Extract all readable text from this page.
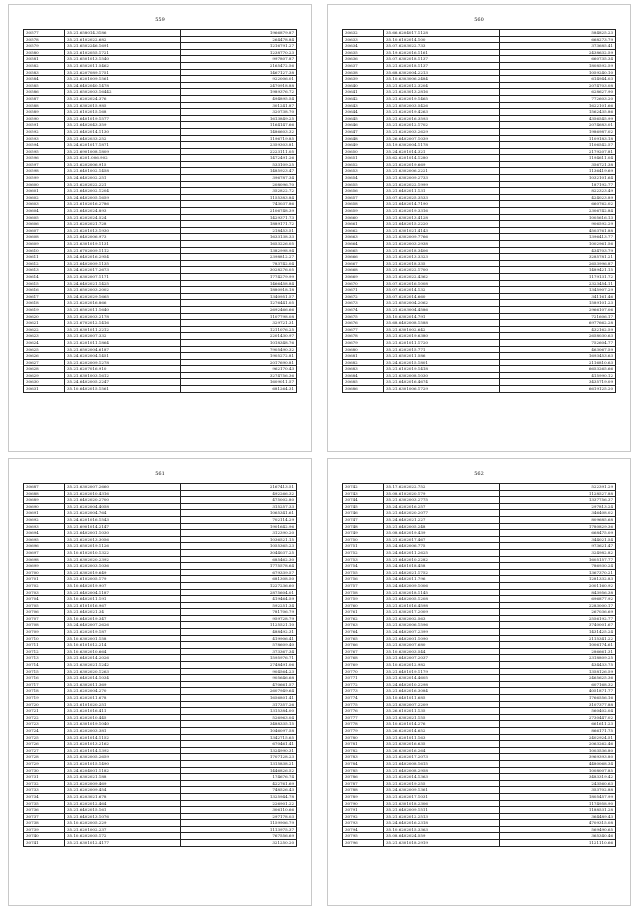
559
30577	35.21.658014.3186	1966879.87
30578	35.21.6102022.682	264478.84
30579	35.21.6502246.1691	1216791.27
30580	35.21.6102055.1721	1238770.23
30581	35.21.6501013.1540	997807.87
30582	35.21.6502011.5462	2165472.56
30583	35.21.6207089.1751	1467127.38
30584	35.21.6201009.1561	922006.01
30585	35.24.6402040.1478	2470918.88
30586	35.21.6502003.16442	1989376.72
30587	35.21.6202024.376	494895.54
30588	35.21.6302015.985	301241.87
30589	35.21.6102015.168	320738.70
30590	35.21.6401019.1577	1613849.25
30591	35.21.6402043.359	1164147.66
30592	35.21.6402014.1130	1486603.32
30593	35.21.6402033.252	1196719.85
30594	35.24.6201017.1871	2359303.81
30595	35.21.6901008.1809	2223111.05
30596	35.21.6201.006.902	1472491.26
30597	35.21.6202006.915	533109.25
30598	35.21.6401002.1458	1485923.47
30599	35.24.6402002.251	396787.34
30600	35.21.6202022.221	208096.70
30601	35.21.6402002.1204	352822.72
30602	35.24.6402005.1659	1155383.84
30603	35.21.6102016.2786	743037.86
30604	35.21.6402024.893	2106748.39
30605	35.21.6202024.524	1429371.73
30606	35.21.6202021.728	1889171.72
30607	35.21.6201013.1930	218453.51
30608	35.21.6402006.973	1633138.33
30609	35.21.6301019.1131	1653226.05
30610	35.21.6702009.1112	1382998.94
30611	35.24.6402016.2954	2398812.27
30612	35.21.6402009.1135	783742.04
30613	35.24.6202017.2673	3028276.05
30614	35.21.6302007.1171	1774279.99
30615	35.24.6402021.1425	1466458.84
30616	35.21.6502003.2002	1880918.18
30617	35.24.6202029.1665	1340951.57
30618	35.21.6202016.866	1276441.05
30619	35.21.6502011.1640	2692466.66
30620	35.21.6202003.2178	1107798.08
30621	35.21.6702012.1416	329721.31
30622	35.21.6301011.2212	1211076.25
30623	35.21.6202007.332	2201430.97
30624	35.21.6201011.1864	1018348.76
30625	35.21.6502004.6187	7905490.32
30626	35.24.6202004.1451	1905272.81
30627	35.21.6202009.1278	2017690.81
30628	35.21.6207016.910	962170.43
30629	35.21.6301003.1612	3274756.36
30630	35.24.6402005.2247	1609011.57
30631	35.10.6402015.1561	681264.31
560
30632	35.66.6204017.1128	584825.23
30633	35.10.6102014.100	668273.79
30634	35.07.6203022.733	373685.41
30635	35.19.6202016.1161	2438632.59
30636	35.07.6302018.1137	660735.34
30637	35.21.6202018.1137	1808592.59
30638	35.68.6302004.2213	1059240.10
30639	35.10.6303006.2484	614944.03
30640	35.21.6202012.3204	2074703.08
30641	35.21.6203013.2816	628627.90
30642	35.21.6202019.1465	772603.20
30643	35.21.6502003.5426	1622101.66
30644	35.21.6202019.4263	1562435.86
30645	35.21.6202016.3593	4356545.99
30646	35.21.6202012.1702	2074683.01
30647	35.21.6202003.2629	1986987.02
30648	35.26.6402007.1039	1109183.18
30649	35.19.6302004.1178	1106542.57
30650	35.24.6201014.321	2179207.81
30651	35.62.6201014.1280	1194611.04
30652	35.21.6202019.669	356721.38
30653	35.21.6302006.2221	1136419.69
30654	35.21.6302009.2733	1032101.64
30655	35.21.6202022.1999	187192.77
30656	35.21.6402011.131	822323.49
30657	35.07.6202025.3533	424023.89
30658	35.21.6402014.7190	660762.02
30659	35.21.6202019.3316	2306742.84
30660	35.21.6302013.4128	1005616.13
30661	35.21.6402015.2220	906592.29
30662	35.21.6301021.4143	4503761.88
30663	35.21.6302009.7766	1396413.77
30664	35.21.6202003.2938	1002961.56
30665	35.21.6202018.3406	434703.79
30666	35.21.6202013.3323	3285781.21
30667	35.21.6202018.335	2653996.87
30668	35.21.6202022.1700	1489421.15
30669	35.21.6202022.4362	1179131.72
30670	35.07.6202016.1008	2323454.11
30671	35.07.6202014.132	1345907.29
30672	35.07.6202014.660	341161.46
30673	35.21.6502004.2062	1589101.23
30674	35.21.6203004.4586	2966107.06
30675	35.10.6302014.791	721606.17
30676	35.68.6402008.1588	6977662.28
30677	35.21.6301002.642	432162.59
30678	35.21.6202019.6380	2658030.63
30679	35.21.6201011.1720	752604.77
30680	35.21.6202015.771	463067.59
30681	35.21.6502011.586	1693453.63
30682	35.24.6202015.1801	2116810.63
30683	35.21.6102019.1418	6653265.66
30684	35.21.6302008.1030	415990.12
30685	35.21.6402016.4674	3435719.09
30686	35.21.6301006.1729	6619125.20
561
30687	35.21.6302007.2660	2167413.51
30688	35.21.6202010.4316	492266.32
30689	35.21.6402020.2700	475002.80
30690	35.21.6202004.4058	315257.33
30691	35.21.6202004.764	1065341.61
30692	35.24.6201016.1543	702114.29
30693	35.21.6901014.2147	1901642.96
30694	35.21.6402001.1030	312390.20
30695	35.21.6202013.3056	1036521.15
30696	35.21.6502019.1126	1055365.23
30697	35.10.6102010.1322	3044037.25
30698	35.21.6302020.2392	685462.30
30699	35.21.6202003.1036	1775578.64
30700	35.21.6302019.649	679339.57
30701	35.21.6102005.179	681308.50
30702	35.10.6402019.907	1227236.60
30703	35.21.6402004.1187	2875604.01
30704	35.10.6402011.191	419464.59
30705	35.21.6101016.967	592251.34
30706	35.21.6402021.34	781706.79
30707	35.10.6402019.347	959728.79
30708	35.24.6402007.2626	1125521.10
30709	35.21.6202019.187	488492.31
30710	35.10.6302001.158	419906.41
30711	35.10.6101012.214	578609.40
30712	35.10.6302010.664	373367.34
30713	35.21.6402014.2026	1595976.71
30714	35.21.6302021.1242	2748491.06
30715	35.21.6302020.1263	904564.23
30716	35.21.6402014.1034	905646.68
30717	35.21.6302011.369	470661.57
30718	35.21.6202004.270	2607949.64
30719	35.21.6202011.678	1656801.41
30720	35.21.6101020.251	317357.26
30721	35.21.6201016.411	1315384.00
30722	35.21.6202010.445	526963.04
30723	35.21.6301019.1040	3488335.15
30724	35.21.6202003.381	1046097.58
30725	35.21.6201014.1152	1342715.65
30726	35.21.6201013.2162	670461.41
30727	35.21.6201014.1392	1324990.31
30728	35.21.6302005.2659	1707128.23
30729	35.21.6201015.1490	1315838.21
30730	35.24.6204001.1182	1446826.52
30731	35.21.6302021.188	174676.74
30732	35.21.6202009.469	422761.69
30733	35.21.6202009.454	748526.43
30734	35.21.6203021.678	1325944.78
30735	35.21.6202012.464	226901.22
30736	35.21.6402015.161	306110.66
30737	35.21.6402013.1076	297178.03
30738	35.10.6202005.229	1159906.79
30739	35.21.6201002.237	1113975.37
30740	35.10.6202005.172	767556.69
30741	35.21.6301012.4177	321250.20
562
30742	35.17.6202022.752	522391.29
30743	35.08.6102020.179	1128527.88
30744	35.21.6302003.2775	1337756.37
30745	35.24.6202016.257	297813.24
30746	35.21.6402020.2077	346408.02
30747	35.24.6402021.227	809685.68
30748	35.21.6402005.248	1780829.36
30749	35.08.6402019.439	668475.09
30750	35.21.6202017.467	344021.54
30751	35.24.6402006.775	973621.47
30752	35.24.6402011.2625	324982.82
30753	35.21.6402010.2282	1605157.77
30754	35.24.6401018.458	786930.24
30755	35.21.6402021.1752	1367370.21
30756	35.24.6402011.796	1281332.83
30757	35.24.6402009.1006	2001160.92
30758	35.21.6302018.1145	843956.38
30759	35.21.6402005.1208	696877.92
30760	35.21.6201016.4598	2283000.17
30761	35.21.6302017.2009	267036.69
30762	35.21.6302002.563	2556192.77
30763	35.21.6302006.1596	3740001.67
30764	35.24.6402007.2399	1431425.24
30765	35.21.6402001.1090	2115341.22
30766	35.21.6302007.680	1006174.61
30767	35.10.6302003.544	286661.31
30768	35.21.6402007.2037	2318809.25
30769	35.10.6202012.982	434433.75
30770	35.21.6401019.1179	1358126.59
30771	35.21.6302014.4605	2465625.36
30772	35.24.6402010.2298	607168.32
30773	35.21.6402016.3084	4051871.77
30774	35.10.6401011.685	1766556.16
30775	35.21.6302007.2209	3107377.88
30776	35.26.6102011.135	560402.04
30777	35.21.6302021.155	2730447.02
30778	35.10.6201014.276	661611.23
30779	35.26.6202014.652	866171.75
30780	35.21.6201011.163	2402924.51
30781	35.21.6302016.635	2063262.46
30782	35.26.6302016.264	1003536.80
30783	35.21.6202017.2073	3969393.80
30784	35.21.6402008.1615	4480068.34
30785	35.21.6402008.2958	1008007.85
30786	35.21.6202014.1363	3483319.42
30787	35.21.6202019.255	243560.63
30788	35.24.6302009.1361	353702.88
30789	35.21.6202017.1031	1805457.99
30790	35.21.6301018.2306	1174958.90
30791	35.21.6402009.1511	1188531.28
30792	35.21.6202012.2513	364489.43
30793	35.24.6402016.2318	4709315.08
30794	35.10.6202015.3363	569490.65
30795	35.08.6402024.559	365340.46
30796	35.21.6301018.2919	1121110.66
